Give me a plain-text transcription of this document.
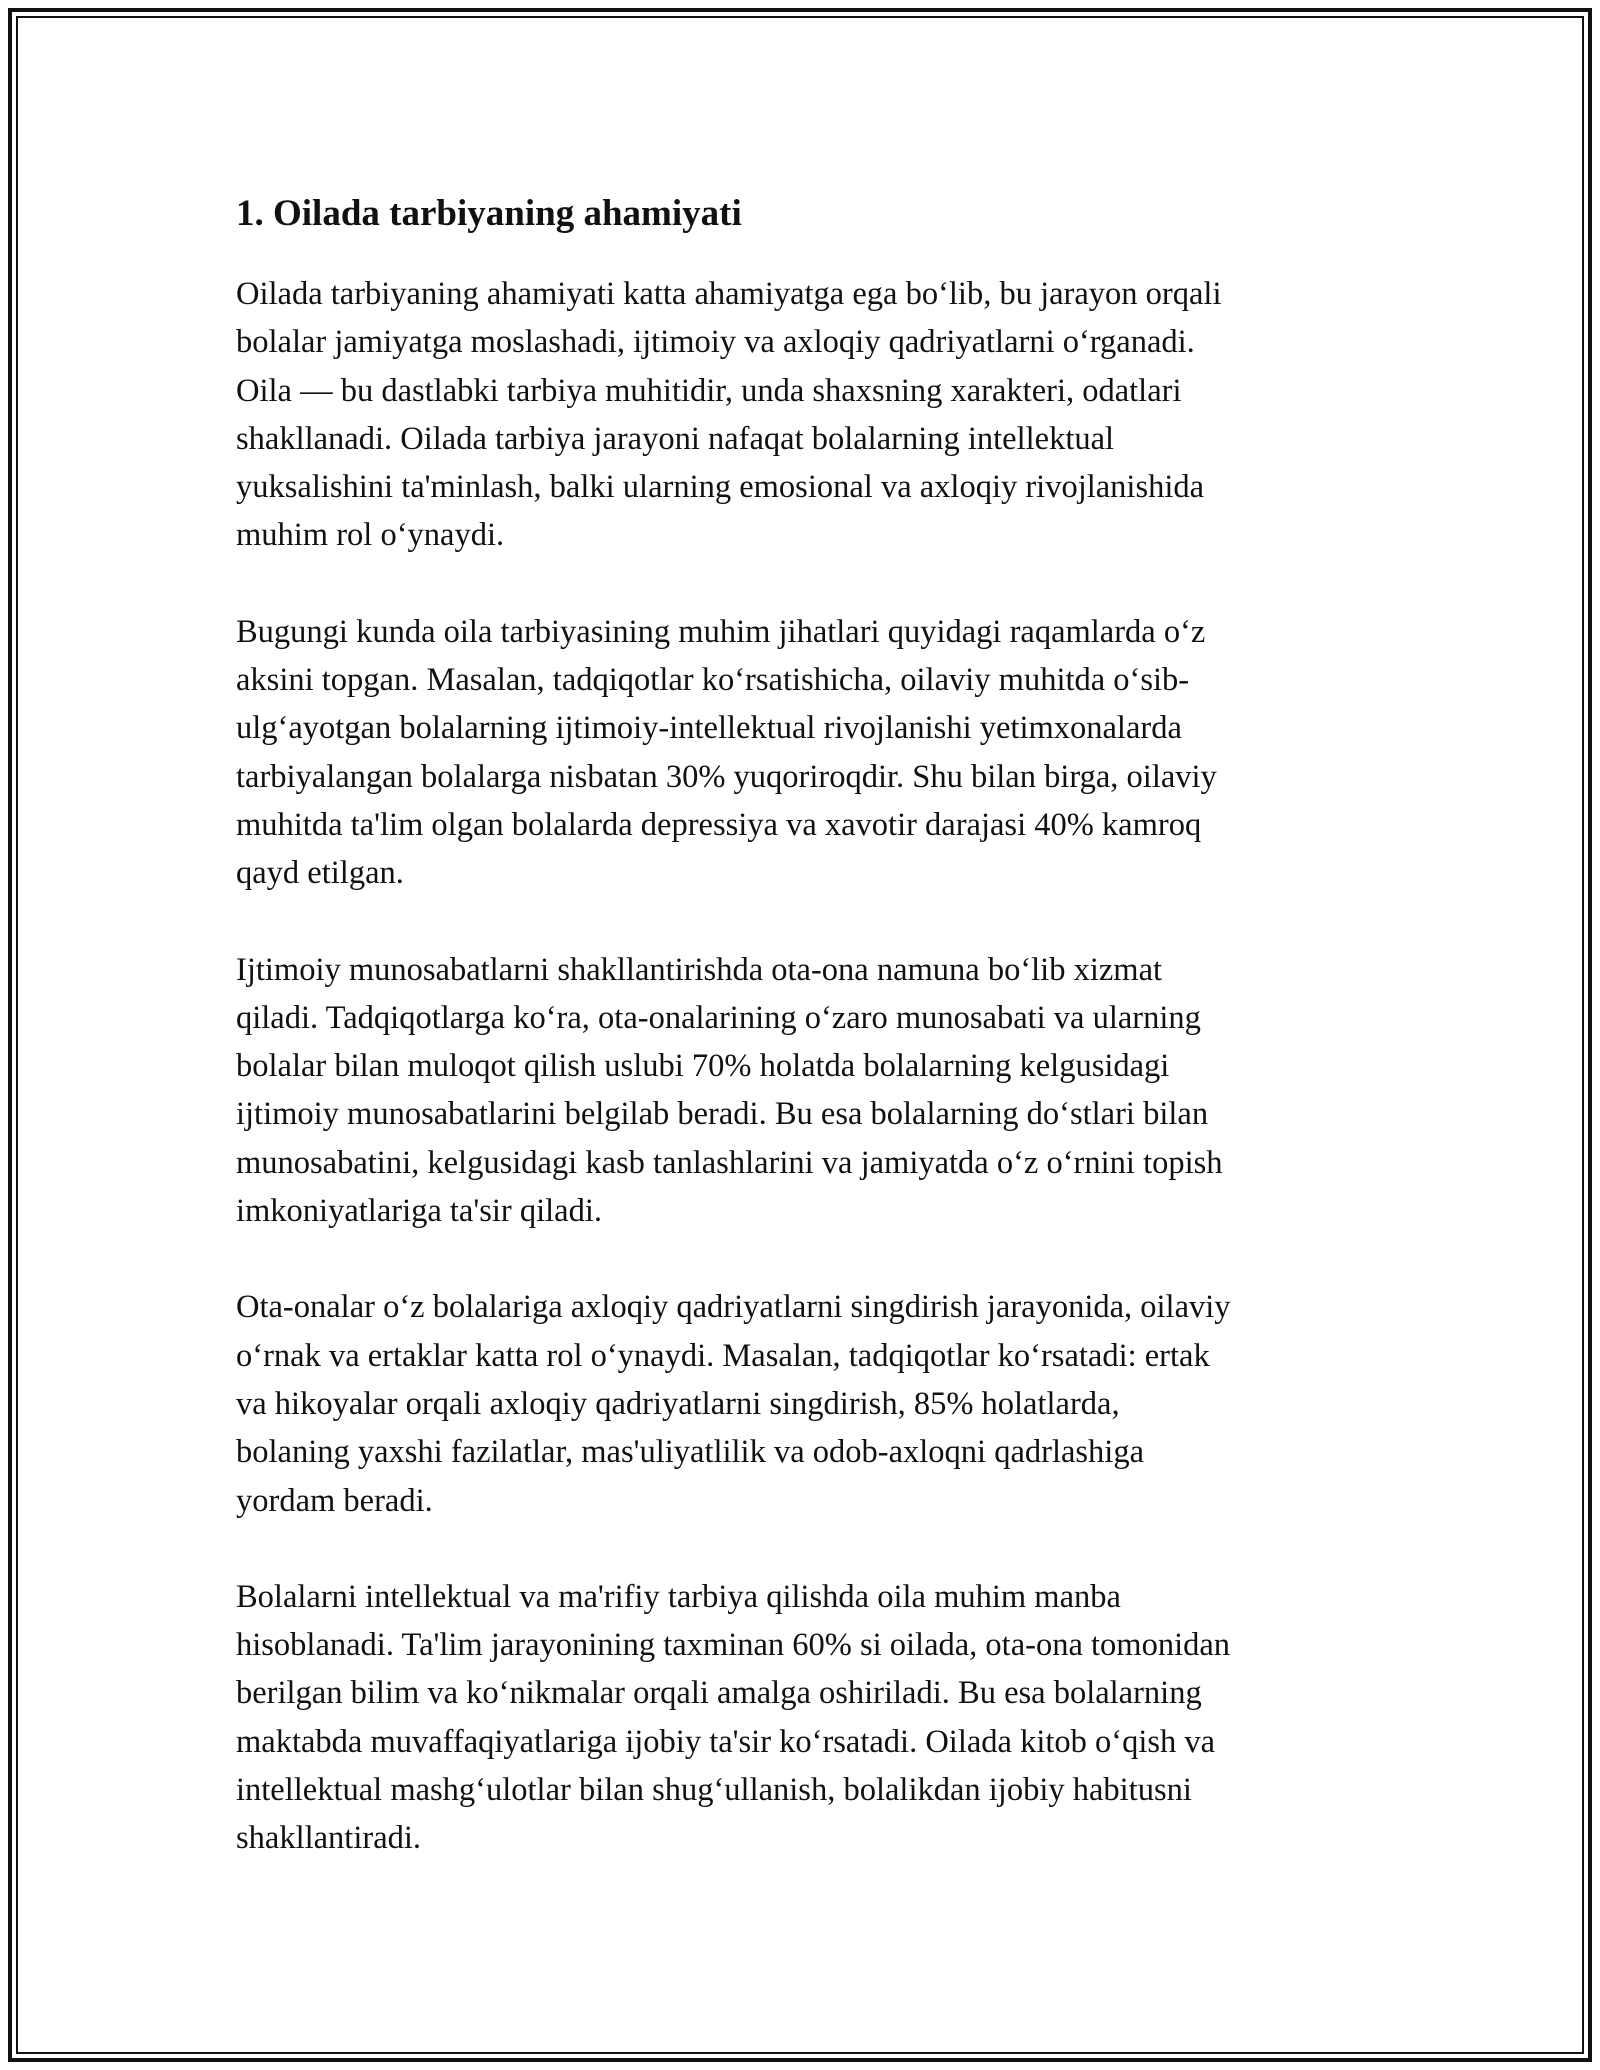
1. Oilada tarbiyaning ahamiyati

Oilada tarbiyaning ahamiyati katta ahamiyatga ega bo‘lib, bu jarayon orqali
bolalar jamiyatga moslashadi, ijtimoiy va axloqiy qadriyatlarni o‘rganadi.
Oila — bu dastlabki tarbiya muhitidir, unda shaxsning xarakteri, odatlari
shakllanadi. Oilada tarbiya jarayoni nafaqat bolalarning intellektual
yuksalishini ta'minlash, balki ularning emosional va axloqiy rivojlanishida
muhim rol o‘ynaydi.

Bugungi kunda oila tarbiyasining muhim jihatlari quyidagi raqamlarda o‘z
aksini topgan. Masalan, tadqiqotlar ko‘rsatishicha, oilaviy muhitda o‘sib-
ulg‘ayotgan bolalarning ijtimoiy-intellektual rivojlanishi yetimxonalarda
tarbiyalangan bolalarga nisbatan 30% yuqoriroqdir. Shu bilan birga, oilaviy
muhitda ta'lim olgan bolalarda depressiya va xavotir darajasi 40% kamroq
qayd etilgan.

Ijtimoiy munosabatlarni shakllantirishda ota-ona namuna bo‘lib xizmat
qiladi. Tadqiqotlarga ko‘ra, ota-onalarining o‘zaro munosabati va ularning
bolalar bilan muloqot qilish uslubi 70% holatda bolalarning kelgusidagi
ijtimoiy munosabatlarini belgilab beradi. Bu esa bolalarning do‘stlari bilan
munosabatini, kelgusidagi kasb tanlashlarini va jamiyatda o‘z o‘rnini topish
imkoniyatlariga ta'sir qiladi.

Ota-onalar o‘z bolalariga axloqiy qadriyatlarni singdirish jarayonida, oilaviy
o‘rnak va ertaklar katta rol o‘ynaydi. Masalan, tadqiqotlar ko‘rsatadi: ertak
va hikoyalar orqali axloqiy qadriyatlarni singdirish, 85% holatlarda,
bolaning yaxshi fazilatlar, mas'uliyatlilik va odob-axloqni qadrlashiga
yordam beradi.

Bolalarni intellektual va ma'rifiy tarbiya qilishda oila muhim manba
hisoblanadi. Ta'lim jarayonining taxminan 60% si oilada, ota-ona tomonidan
berilgan bilim va ko‘nikmalar orqali amalga oshiriladi. Bu esa bolalarning
maktabda muvaffaqiyatlariga ijobiy ta'sir ko‘rsatadi. Oilada kitob o‘qish va
intellektual mashg‘ulotlar bilan shug‘ullanish, bolalikdan ijobiy habitusni
shakllantiradi.
